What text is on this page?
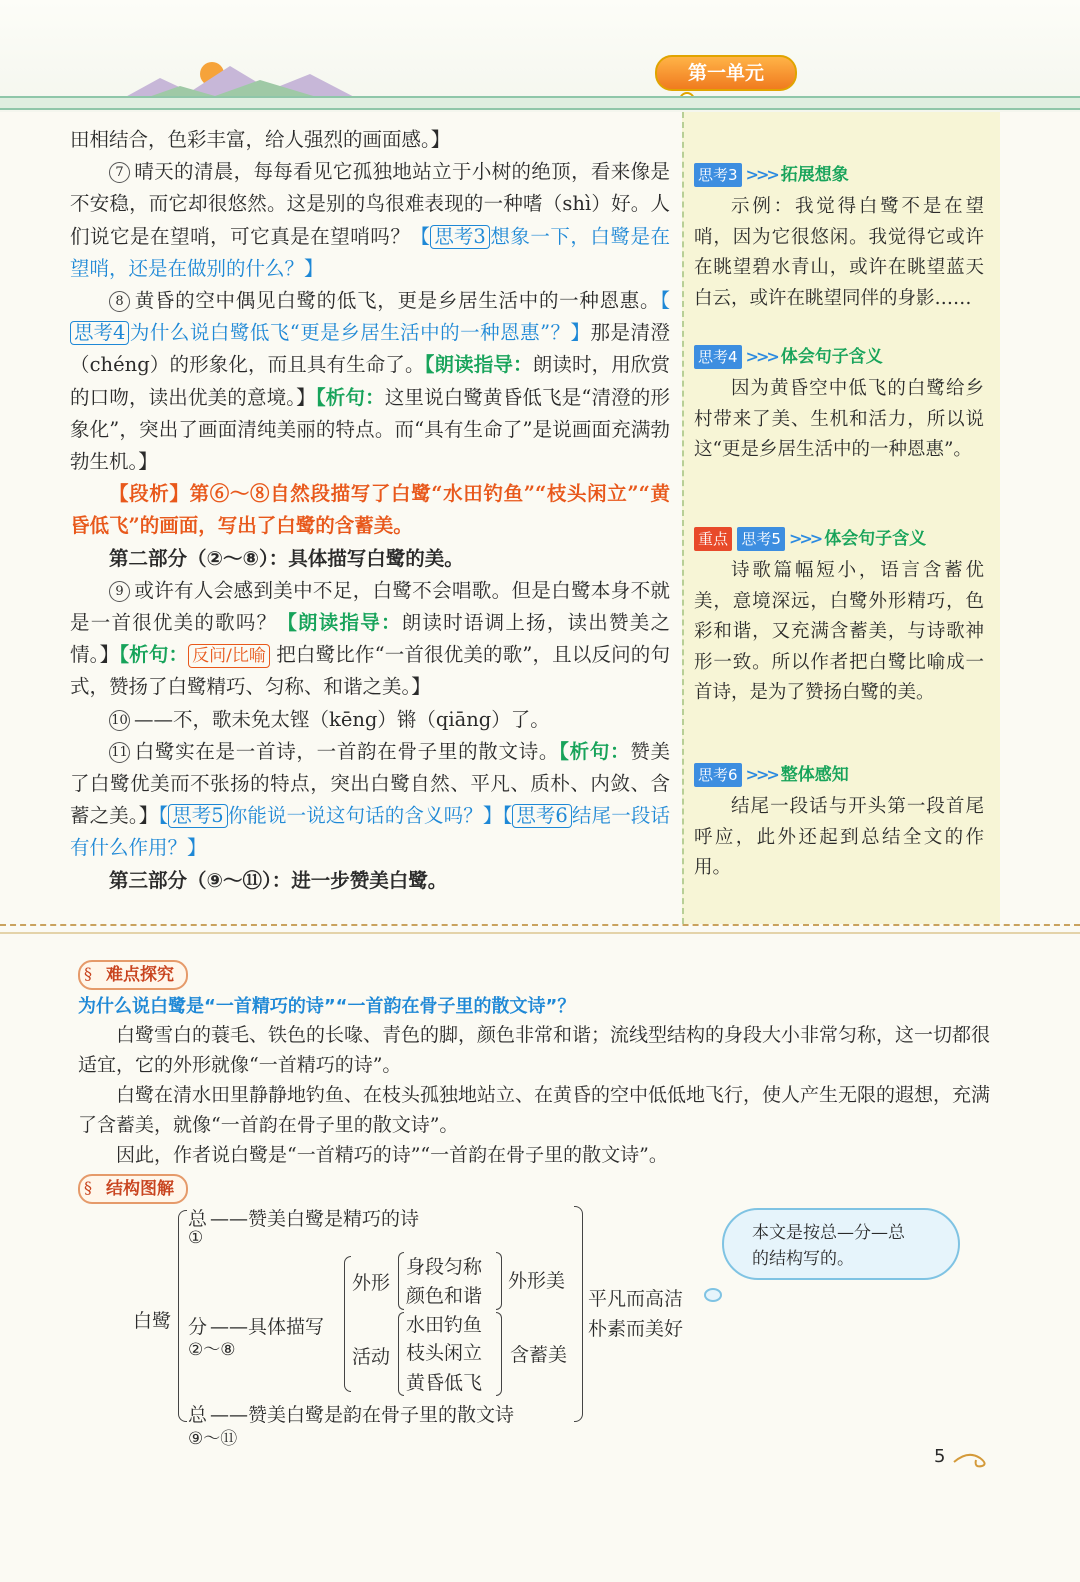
第一单元

田相结合，色彩丰富，给人强烈的画面感。】

7 晴天的清晨，每每看见它孤独地站立于小树的绝顶，看来像是不安稳，而它却很悠然。这是别的鸟很难表现的一种嗜（shì）好。人们说它是在望哨，可它真是在望哨吗？【 思考3 想象一下，白鹭是在望哨，还是在做别的什么？】

8 黄昏的空中偶见白鹭的低飞，更是乡居生活中的一种恩惠。【思考4 为什么说白鹭低飞“更是乡居生活中的一种恩惠”？】那是清澄（chéng）的形象化，而且具有生命了。【朗读指导：朗读时，用欣赏的口吻，读出优美的意境。】【析句：这里说白鹭黄昏低飞是“清澄的形象化”，突出了画面清纯美丽的特点。而“具有生命了”是说画面充满勃勃生机。】

【段析】第⑥～⑧自然段描写了白鹭“水田钓鱼”“枝头闲立”“黄昏低飞”的画面，写出了白鹭的含蓄美。

第二部分（②～⑧）：具体描写白鹭的美。

9 或许有人会感到美中不足，白鹭不会唱歌。但是白鹭本身不就是一首很优美的歌吗？【朗读指导：朗读时语调上扬，读出赞美之情。】【析句： 反问/比喻 把白鹭比作“一首很优美的歌”，且以反问的句式，赞扬了白鹭精巧、匀称、和谐之美。】

10 ——不，歌未免太铿（kēng）锵（qiāng）了。

11 白鹭实在是一首诗，一首韵在骨子里的散文诗。【析句：赞美了白鹭优美而不张扬的特点，突出白鹭自然、平凡、质朴、内敛、含蓄之美。】【 思考5 你能说一说这句话的含义吗？】【 思考6 结尾一段话有什么作用？】

第三部分（⑨～⑪）：进一步赞美白鹭。

思考3 >>> 拓展想象

示例：我觉得白鹭不是在望哨，因为它很悠闲。我觉得它或许在眺望碧水青山，或许在眺望蓝天白云，或许在眺望同伴的身影……

思考4 >>> 体会句子含义

因为黄昏空中低飞的白鹭给乡村带来了美、生机和活力，所以说这“更是乡居生活中的一种恩惠”。

重点 思考5 >>> 体会句子含义

诗歌篇幅短小，语言含蓄优美，意境深远，白鹭外形精巧，色彩和谐，又充满含蓄美，与诗歌神形一致。所以作者把白鹭比喻成一首诗，是为了赞扬白鹭的美。

思考6 >>> 整体感知

结尾一段话与开头第一段首尾呼应，此外还起到总结全文的作用。

难点探究
§
为什么说白鹭是“一首精巧的诗”“一首韵在骨子里的散文诗”？

白鹭雪白的蓑毛、铁色的长喙、青色的脚，颜色非常和谐；流线型结构的身段大小非常匀称，这一切都很适宜，它的外形就像“一首精巧的诗”。

白鹭在清水田里静静地钓鱼、在枝头孤独地站立、在黄昏的空中低低地飞行，使人产生无限的遐想，充满了含蓄美，就像“一首韵在骨子里的散文诗”。

因此，作者说白鹭是“一首精巧的诗”“一首韵在骨子里的散文诗”。

结构图解
§
白鹭
总
①
——赞美白鹭是精巧的诗
分
②～⑧
——具体描写
外形
身段匀称
颜色和谐
外形美
活动
水田钓鱼
枝头闲立
黄昏低飞
含蓄美
总
⑨～⑪
——赞美白鹭是韵在骨子里的散文诗
平凡而高洁
朴素而美好
本文是按总—分—总
的结构写的。
5
